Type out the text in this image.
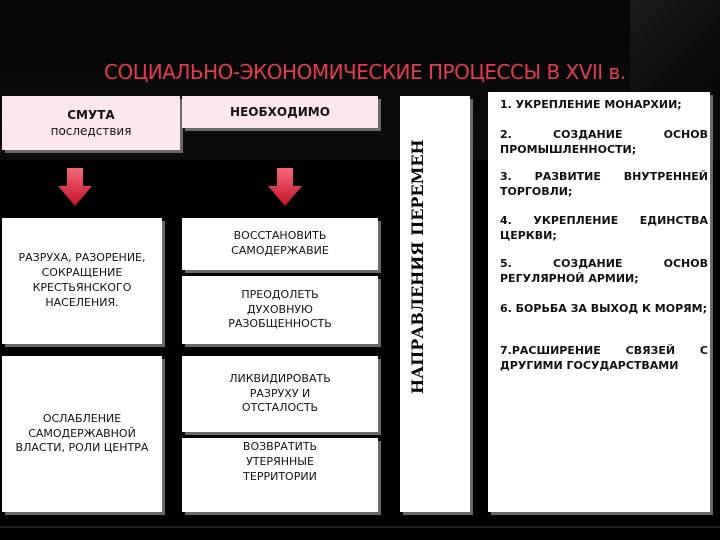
СОЦИАЛЬНО-ЭКОНОМИЧЕСКИЕ ПРОЦЕССЫ В XVII в.
СМУТА
последствия
НЕОБХОДИМО
РАЗРУХА, РАЗОРЕНИЕ, СОКРАЩЕНИЕ КРЕСТЬЯНСКОГО НАСЕЛЕНИЯ.
ОСЛАБЛЕНИЕ САМОДЕРЖАВНОЙ ВЛАСТИ, РОЛИ ЦЕНТРА
ВОССТАНОВИТЬ САМОДЕРЖАВИЕ
ПРЕОДОЛЕТЬ ДУХОВНУЮ РАЗОБЩЕННОСТЬ
ЛИКВИДИРОВАТЬ РАЗРУХУ И ОТСТАЛОСТЬ
ВОЗВРАТИТЬ УТЕРЯННЫЕ ТЕРРИТОРИИ
НАПРАВЛЕНИЯ ПЕРЕМЕН
1. УКРЕПЛЕНИЕ МОНАРХИИ;
2. СОЗДАНИЕ ОСНОВ ПРОМЫШЛЕННОСТИ;
3. РАЗВИТИЕ ВНУТРЕННЕЙ ТОРГОВЛИ;
4. УКРЕПЛЕНИЕ ЕДИНСТВА ЦЕРКВИ;
5. СОЗДАНИЕ ОСНОВ РЕГУЛЯРНОЙ АРМИИ;
6. БОРЬБА ЗА ВЫХОД К МОРЯМ;
7.РАСШИРЕНИЕ СВЯЗЕЙ С ДРУГИМИ ГОСУДАРСТВАМИ
